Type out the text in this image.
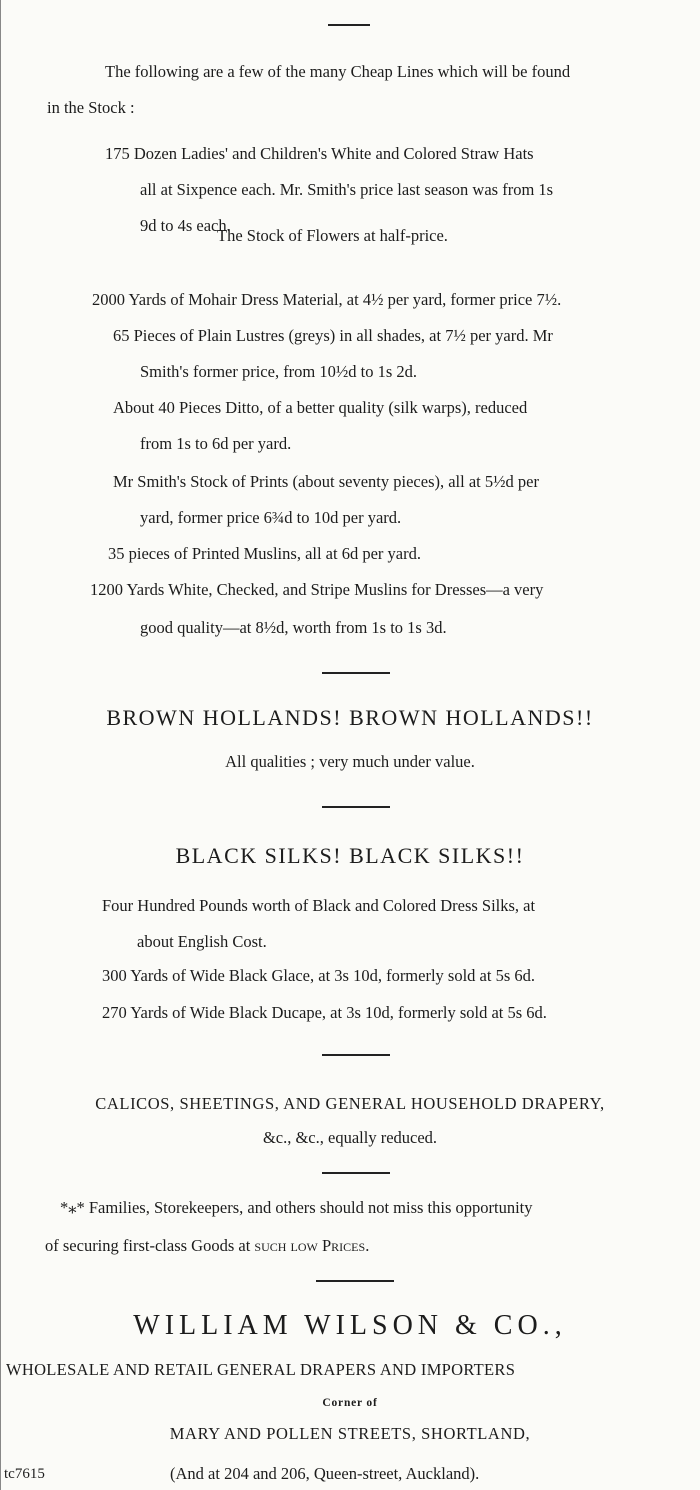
The following are a few of the many Cheap Lines which will be found
in the Stock :
175 Dozen Ladies' and Children's White and Colored Straw Hats
all at Sixpence each. Mr. Smith's price last season was from 1s
9d to 4s each.
The Stock of Flowers at half-price.
2000 Yards of Mohair Dress Material, at 4½ per yard, former price 7½.
65 Pieces of Plain Lustres (greys) in all shades, at 7½ per yard. Mr
Smith's former price, from 10½d to 1s 2d.
About 40 Pieces Ditto, of a better quality (silk warps), reduced
from 1s to 6d per yard.
Mr Smith's Stock of Prints (about seventy pieces), all at 5½d per
yard, former price 6¾d to 10d per yard.
35 pieces of Printed Muslins, all at 6d per yard.
1200 Yards White, Checked, and Stripe Muslins for Dresses—a very
good quality—at 8½d, worth from 1s to 1s 3d.
BROWN HOLLANDS! BROWN HOLLANDS!!
All qualities ; very much under value.
BLACK SILKS! BLACK SILKS!!
Four Hundred Pounds worth of Black and Colored Dress Silks, at
about English Cost.
300 Yards of Wide Black Glace, at 3s 10d, formerly sold at 5s 6d.
270 Yards of Wide Black Ducape, at 3s 10d, formerly sold at 5s 6d.
CALICOS, SHEETINGS, AND GENERAL HOUSEHOLD DRAPERY,
&c., &c., equally reduced.
*⁎* Families, Storekeepers, and others should not miss this opportunity
of securing first-class Goods at such low Prices.
WILLIAM WILSON & CO.,
WHOLESALE AND RETAIL GENERAL DRAPERS AND IMPORTERS
Corner of
MARY AND POLLEN STREETS, SHORTLAND,
tc7615	(And at 204 and 206, Queen-street, Auckland).
